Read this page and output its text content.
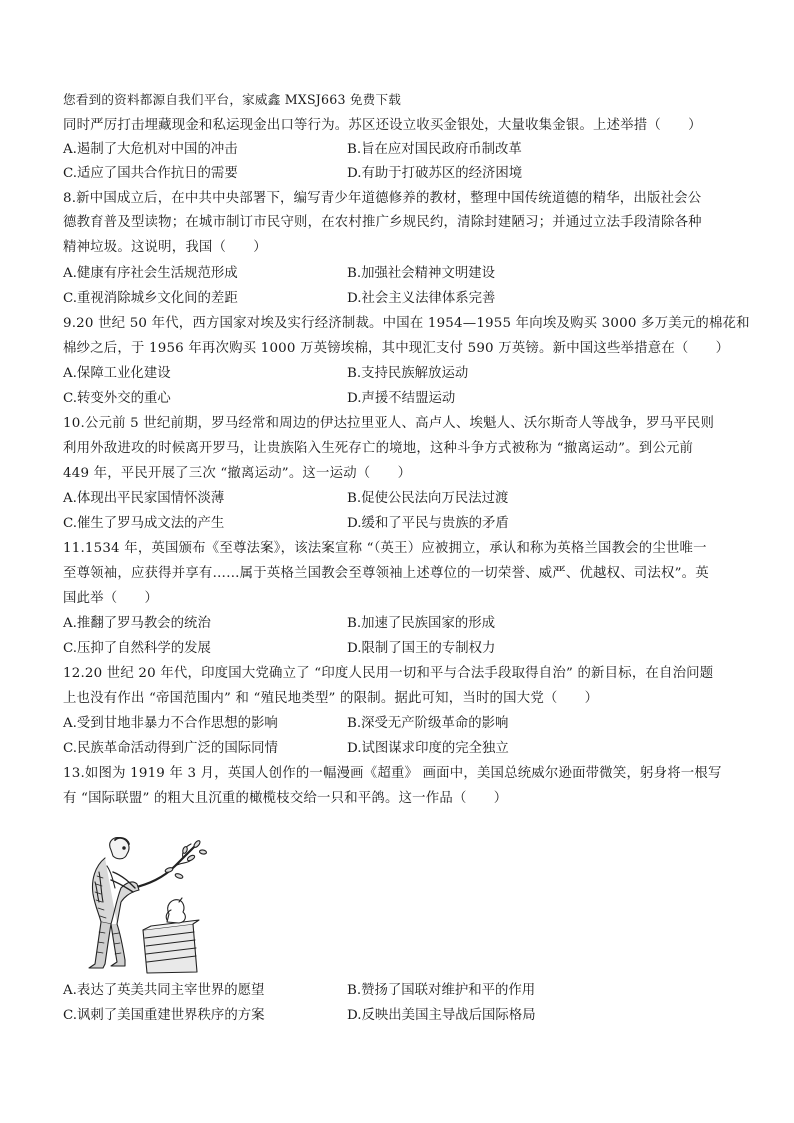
您看到的资料都源自我们平台，家威鑫 MXSJ663 免费下载
同时严厉打击埋藏现金和私运现金出口等行为。苏区还设立收买金银处，大量收集金银。上述举措（　　）
A.遏制了大危机对中国的冲击	B.旨在应对国民政府币制改革
C.适应了国共合作抗日的需要	D.有助于打破苏区的经济困境
8.新中国成立后，在中共中央部署下，编写青少年道德修养的教材，整理中国传统道德的精华，出版社会公
德教育普及型读物；在城市制订市民守则，在农村推广乡规民约，清除封建陋习；并通过立法手段清除各种
精神垃圾。这说明，我国（　　）
A.健康有序社会生活规范形成	B.加强社会精神文明建设
C.重视消除城乡文化间的差距	D.社会主义法律体系完善
9.20 世纪 50 年代，西方国家对埃及实行经济制裁。中国在 1954—1955 年向埃及购买 3000 多万美元的棉花和
棉纱之后，于 1956 年再次购买 1000 万英镑埃棉，其中现汇支付 590 万英镑。新中国这些举措意在（　　）
A.保障工业化建设	B.支持民族解放运动
C.转变外交的重心	D.声援不结盟运动
10.公元前 5 世纪前期，罗马经常和周边的伊达拉里亚人、高卢人、埃魁人、沃尔斯奇人等战争，罗马平民则
利用外敌进攻的时候离开罗马，让贵族陷入生死存亡的境地，这种斗争方式被称为 “撤离运动”。到公元前
449 年，平民开展了三次 “撤离运动”。这一运动（　　）
A.体现出平民家国情怀淡薄	B.促使公民法向万民法过渡
C.催生了罗马成文法的产生	D.缓和了平民与贵族的矛盾
11.1534 年，英国颁布《至尊法案》，该法案宣称 “（英王）应被拥立，承认和称为英格兰国教会的尘世唯一
至尊领袖，应获得并享有……属于英格兰国教会至尊领袖上述尊位的一切荣誉、威严、优越权、司法权”。英
国此举（　　）
A.推翻了罗马教会的统治	B.加速了民族国家的形成
C.压抑了自然科学的发展	D.限制了国王的专制权力
12.20 世纪 20 年代，印度国大党确立了 “印度人民用一切和平与合法手段取得自治” 的新目标，在自治问题
上也没有作出 “帝国范围内” 和 “殖民地类型” 的限制。据此可知，当时的国大党（　　）
A.受到甘地非暴力不合作思想的影响	B.深受无产阶级革命的影响
C.民族革命活动得到广泛的国际同情	D.试图谋求印度的完全独立
13.如图为 1919 年 3 月，英国人创作的一幅漫画《超重》 画面中，美国总统威尔逊面带微笑，躬身将一根写
有 “国际联盟” 的粗大且沉重的橄榄枝交给一只和平鸽。这一作品（　　）
A.表达了英美共同主宰世界的愿望	B.赞扬了国联对维护和平的作用
C.讽刺了美国重建世界秩序的方案	D.反映出美国主导战后国际格局
